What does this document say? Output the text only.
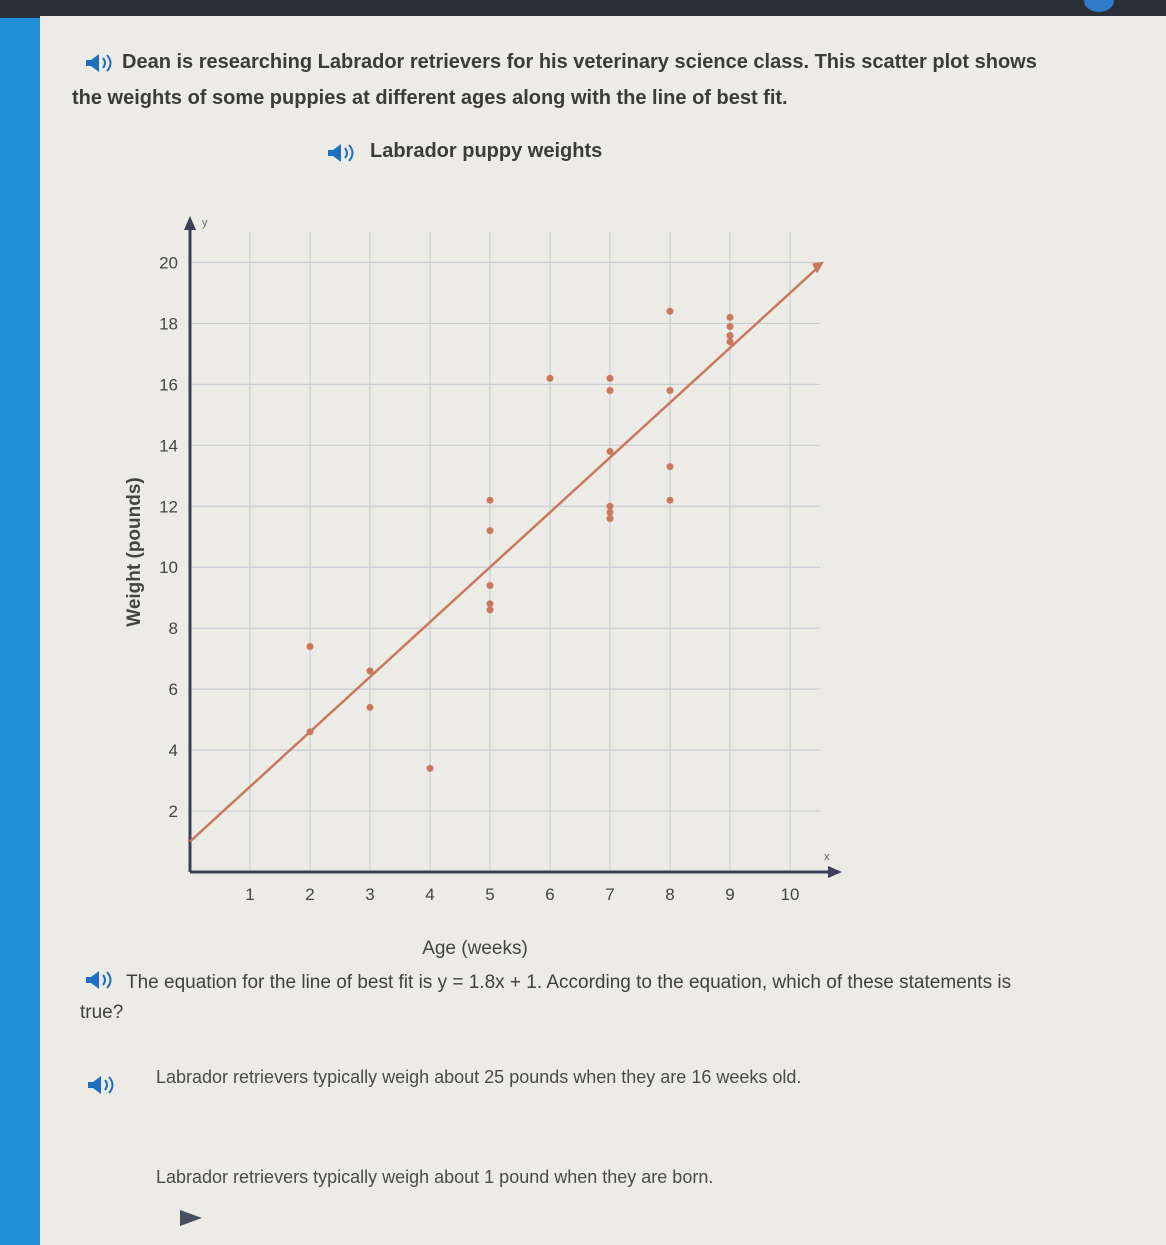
Dean is researching Labrador retrievers for his veterinary science class. This scatter plot shows the weights of some puppies at different ages along with the line of best fit.
Labrador puppy weights
x
y
1	2	3	4	5	6	7	8	9	10
2
4
6
8
10
12
14
16
18
20
Age (weeks)
Weight (pounds)
The equation for the line of best fit is y = 1.8x + 1. According to the equation, which of these statements is true?
Labrador retrievers typically weigh about 25 pounds when they are 16 weeks old.
Labrador retrievers typically weigh about 1 pound when they are born.
